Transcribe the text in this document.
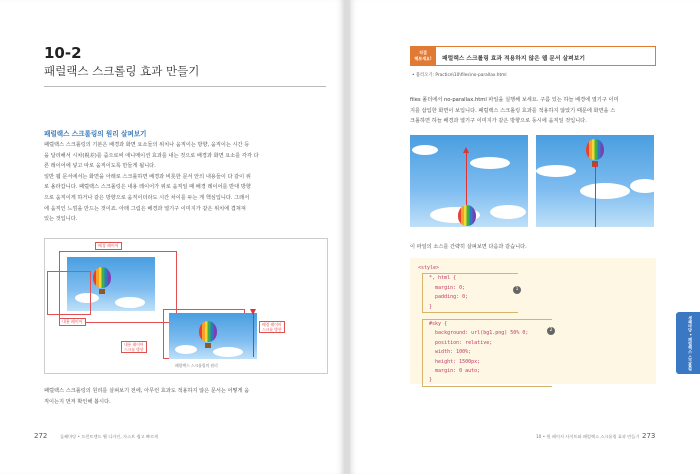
10-2
패럴랙스 스크롤링 효과 만들기
패럴랙스 스크롤링의 원리 살펴보기
패럴랙스 스크롤링의 기본은 배경과 화면 요소들의 위치나 움직이는 방향, 움직이는 시간 등
을 달리해서 시차(視差)를 줌으로써 애니메이션 효과를 내는 것으로 배경과 화면 요소를 각각 다
른 레이어에 넣고 따로 움직이도록 만들게 됩니다.
일반 웹 문서에서는 화면을 아래로 스크롤하면 배경과 비롯한 문서 안의 내용들이 다 같이 위
로 올라갑니다. 패럴랙스 스크롤링은 내용 레이어가 위로 움직일 때 배경 레이어를 반대 방향
으로 움직이게 하거나 같은 방향으로 움직이더라도 시간 차이를 두는 게 핵심입니다. 그래서
에 움직인 느낌을 만드는 것이죠. 아래 그림은 배경과 열기구 이미지가 같은 위치에 겹쳐져
있는 것입니다.
배경 레이어
내용 레이어
내용 레이어
스크롤 방향
배경 레이어
스크롤 방향
패럴랙스 스크롤링의 원리
패럴랙스 스크롤링의 원리를 살펴보기 전에, 아무런 효과도 적용하지 않은 문서는 어떻게 움
직이는지 먼저 확인해 봅시다.
272	둘째마당 • 프런트엔드 웹 디자인, 자스트 쉽고 빠르게
직접
해보세요!	패럴랙스 스크롤링 효과 적용하지 않은 웹 문서 살펴보기
• 불러오기: Practice\10\files\no-parallax.html
files 폴더에서 no-parallax.html 파일을 실행해 보세요. 구름 있는 하늘 배경에 열기구 이미
지를 삽입한 화면이 보입니다. 패럴랙스 스크롤링 효과를 적용하지 않았기 때문에 화면을 스
크롤하면 하늘 배경과 열기구 이미지가 같은 방향으로 동시에 움직일 것입니다.
이 파일의 소스를 간략히 살펴보면 다음과 같습니다.
<style>
*, html {
margin: 0;
padding: 0;
}
#sky {
background: url(bg1.png) 50% 0;
position: relative;
width: 100%;
height: 1500px;
margin: 0 auto;
}
1
2	셋째마당 • 패럴랙스 스크롤링
10 • 원 페이지 사이트와 패럴랙스 스크롤링 효과 만들기 273
